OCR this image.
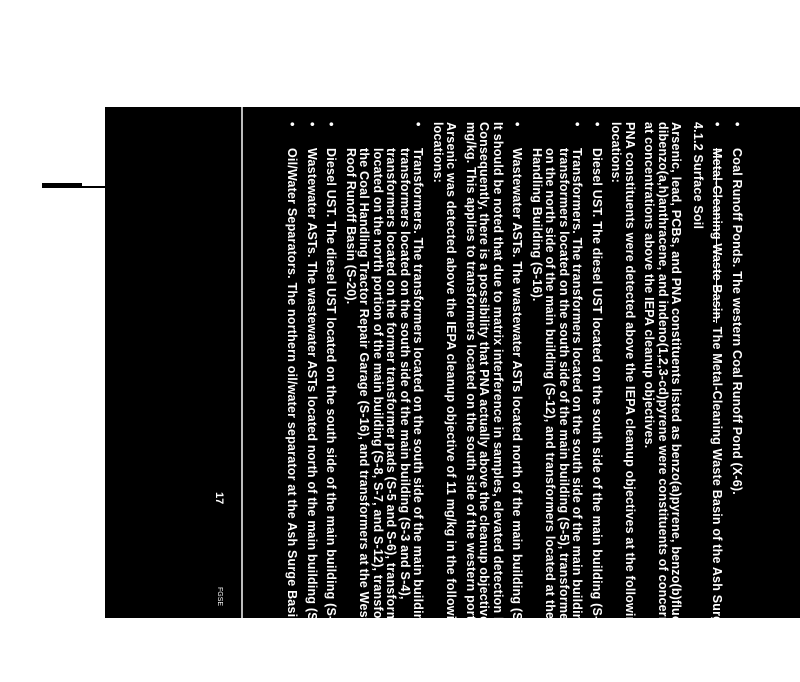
17
FGSE
• Coal Runoff Ponds. The western Coal Runoff Pond (X-6).
• Metal-Cleaning Waste Basin. The Metal-Cleaning Waste Basin of the Ash Surge Basin.
4.1.2 Surface Soil
Arsenic, lead, PCBs, and PNA constituents listed as benzo(a)pyrene, benzo(b)fluoranthene, dibenzo(a,h)anthracene, and indeno(1,2,3-cd)pyrene were constituents of concern detected at concentrations above the IEPA cleanup objectives.
PNA constituents were detected above the IEPA cleanup objectives at the following locations:
• Diesel UST. The diesel UST located on the south side of the main building (S-2).
• Transformers. The transformers located on the south side of the main building (S-3), transformers located on the south side of the main building (S-5), transformers located on the north side of the main building (S-12), and transformers located at the Coal Handling Building (S-16).
• Wastewater ASTs. The wastewater ASTs located north of the main building (S-9).
It should be noted that due to matrix interference in samples, elevated detection limit. Consequently, there is a possibility that PNA actually above the cleanup objective of 0.8 mg/kg. This applies to transformers located on the south side of the western portion.
Arsenic was detected above the IEPA cleanup objective of 11 mg/kg in the following locations:
• Transformers. The transformers located on the south side of the main building (S-1), transformers located on the south side of the main building (S-3 and S-4), transformers located on the former transformer pads (S-5 and S-6), transformers located on the north portion of the main building (S-8, S-7, and S-12), transformers at the Coal Handling Tractor Repair Garage (S-16), and transformers at the West Yard & Roof Runoff Basin (S-20).
• Diesel UST. The diesel UST located on the south side of the main building (S-2).
• Wastewater ASTs. The wastewater ASTs located north of the main building (S-9).
• Oil/Water Separators. The northern oil/water separator at the Ash Surge Basin (S-10).
